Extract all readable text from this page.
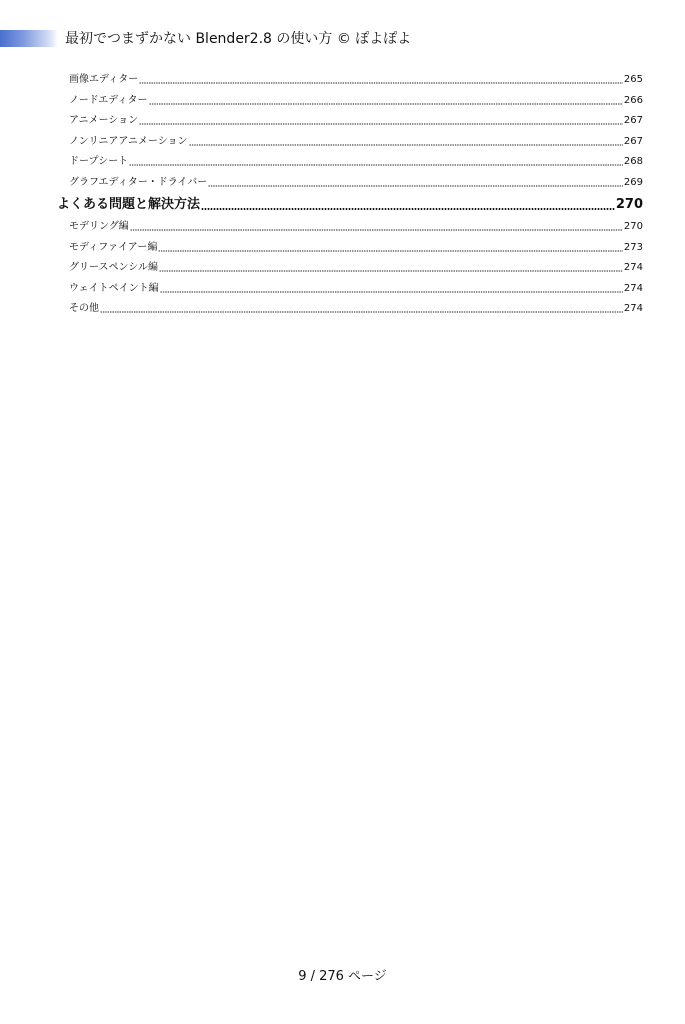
最初でつまずかない Blender2.8 の使い方 © ぽよぽよ
画像エディター	265
ノードエディター	266
アニメーション	267
ノンリニアアニメーション	267
ドープシート	268
グラフエディター・ドライバー	269
よくある問題と解決方法	270
モデリング編	270
モディファイアー編	273
グリースペンシル編	274
ウェイトペイント編	274
その他	274
9 / 276 ページ
